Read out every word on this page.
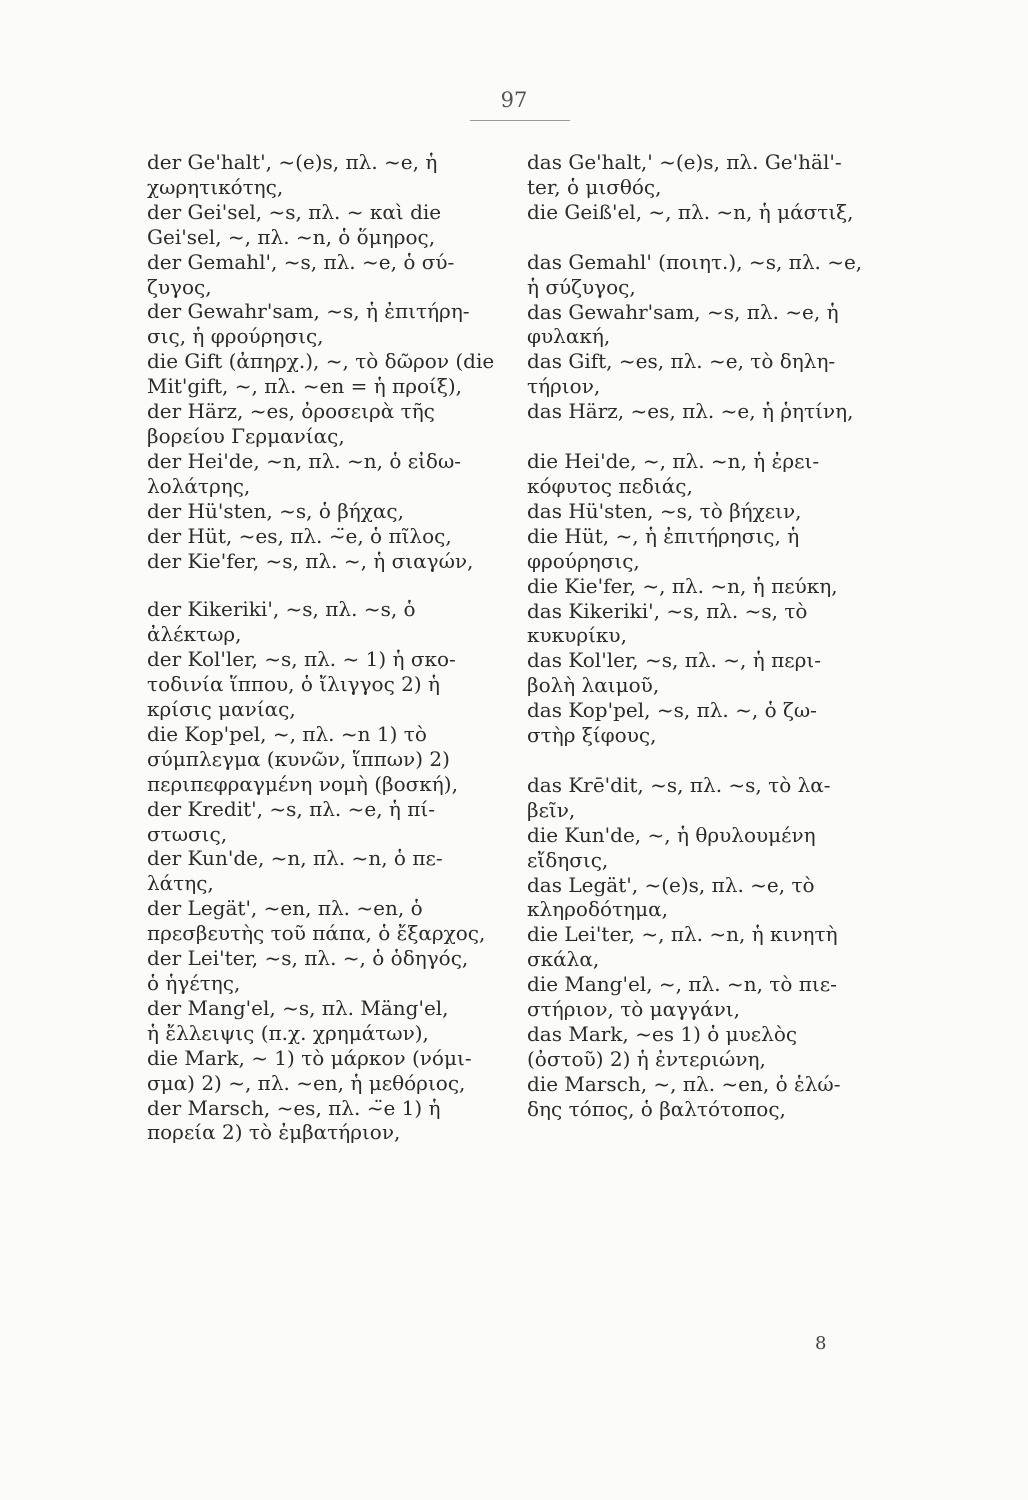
97
der Ge'halt', ~(e)s, πλ. ~e, ἡ
χωρητικότης,
der Gei'sel, ~s, πλ. ~ καὶ die
Gei'sel, ~, πλ. ~n, ὁ ὅμηρος,
der Gemahl', ~s, πλ. ~e, ὁ σύ-
ζυγος,
der Gewahr'sam, ~s, ἡ ἐπιτήρη-
σις, ἡ φρούρησις,
die Gift (ἀπηρχ.), ~, τὸ δῶρον (die
Mit'gift, ~, πλ. ~en = ἡ προίξ),
der Härz, ~es, ὀροσειρὰ τῆς
βορείου Γερμανίας,
der Hei'de, ~n, πλ. ~n, ὁ εἰδω-
λολάτρης,
der Hü'sten, ~s, ὁ βήχας,
der Hüt, ~es, πλ. ~̈e, ὁ πῖλος,
der Kie'fer, ~s, πλ. ~, ἡ σιαγών,
der Kikeriki', ~s, πλ. ~s, ὁ
ἀλέκτωρ,
der Kol'ler, ~s, πλ. ~ 1) ἡ σκο-
τοδινία ἵππου, ὁ ἴλιγγος 2) ἡ
κρίσις μανίας,
die Kop'pel, ~, πλ. ~n 1) τὸ
σύμπλεγμα (κυνῶν, ἵππων) 2)
περιπεφραγμένη νομὴ (βοσκή),
der Kredit', ~s, πλ. ~e, ἡ πί-
στωσις,
der Kun'de, ~n, πλ. ~n, ὁ πε-
λάτης,
der Legät', ~en, πλ. ~en, ὁ
πρεσβευτὴς τοῦ πάπα, ὁ ἔξαρχος,
der Lei'ter, ~s, πλ. ~, ὁ ὁδηγός,
ὁ ἡγέτης,
der Mang'el, ~s, πλ. Mäng'el,
ἡ ἔλλειψις (π.χ. χρημάτων),
die Mark, ~ 1) τὸ μάρκον (νόμι-
σμα) 2) ~, πλ. ~en, ἡ μεθόριος,
der Marsch, ~es, πλ. ~̈e 1) ἡ
πορεία 2) τὸ ἐμβατήριον,
das Ge'halt,' ~(e)s, πλ. Ge'häl'-
ter, ὁ μισθός,
die Geiß'el, ~, πλ. ~n, ἡ μάστιξ,
das Gemahl' (ποιητ.), ~s, πλ. ~e,
ἡ σύζυγος,
das Gewahr'sam, ~s, πλ. ~e, ἡ
φυλακή,
das Gift, ~es, πλ. ~e, τὸ δηλη-
τήριον,
das Härz, ~es, πλ. ~e, ἡ ῥητίνη,
die Hei'de, ~, πλ. ~n, ἡ ἐρει-
κόφυτος πεδιάς,
das Hü'sten, ~s, τὸ βήχειν,
die Hüt, ~, ἡ ἐπιτήρησις, ἡ
φρούρησις,
die Kie'fer, ~, πλ. ~n, ἡ πεύκη,
das Kikeriki', ~s, πλ. ~s, τὸ
κυκυρίκυ,
das Kol'ler, ~s, πλ. ~, ἡ περι-
βολὴ λαιμοῦ,
das Kop'pel, ~s, πλ. ~, ὁ ζω-
στὴρ ξίφους,
das Krē'dit, ~s, πλ. ~s, τὸ λα-
βεῖν,
die Kun'de, ~, ἡ θρυλουμένη
εἴδησις,
das Legät', ~(e)s, πλ. ~e, τὸ
κληροδότημα,
die Lei'ter, ~, πλ. ~n, ἡ κινητὴ
σκάλα,
die Mang'el, ~, πλ. ~n, τὸ πιε-
στήριον, τὸ μαγγάνι,
das Mark, ~es 1) ὁ μυελὸς
(ὀστοῦ) 2) ἡ ἐντεριώνη,
die Marsch, ~, πλ. ~en, ὁ ἑλώ-
δης τόπος, ὁ βαλτότοπος,
8
